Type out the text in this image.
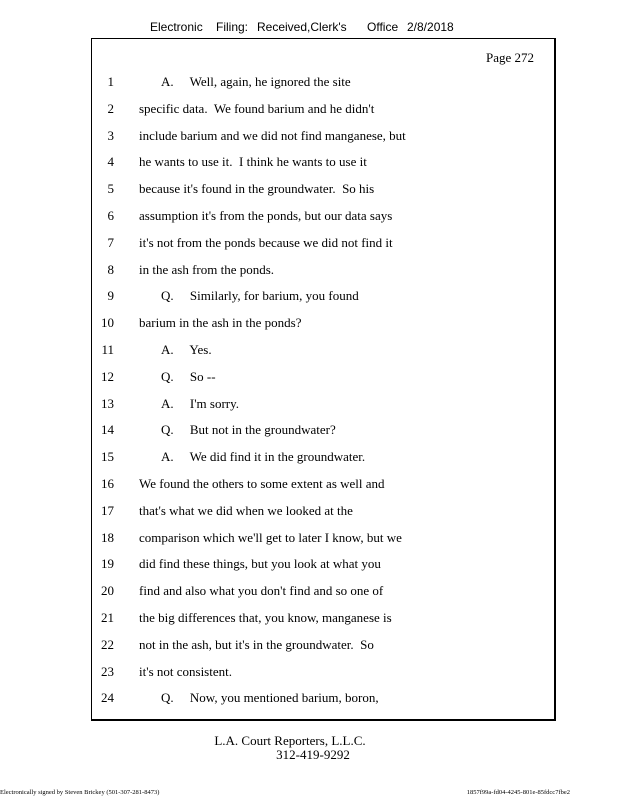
Electronic Filing: Received,Clerk's Office 2/8/2018
Page 272
1	A.     Well, again, he ignored the site
2 specific data.  We found barium and he didn't
3 include barium and we did not find manganese, but
4 he wants to use it.  I think he wants to use it
5 because it's found in the groundwater.  So his
6 assumption it's from the ponds, but our data says
7 it's not from the ponds because we did not find it
8 in the ash from the ponds.
9	Q.     Similarly, for barium, you found
10 barium in the ash in the ponds?
11	A.     Yes.
12	Q.     So --
13	A.     I'm sorry.
14	Q.     But not in the groundwater?
15	A.     We did find it in the groundwater.
16 We found the others to some extent as well and
17 that's what we did when we looked at the
18 comparison which we'll get to later I know, but we
19 did find these things, but you look at what you
20 find and also what you don't find and so one of
21 the big differences that, you know, manganese is
22 not in the ash, but it's in the groundwater.  So
23 it's not consistent.
24	Q.     Now, you mentioned barium, boron,
L.A. Court Reporters, L.L.C.
312-419-9292
Electronically signed by Steven Brickey (501-307-281-8473)	1857f99a-fd04-4245-801e-85fdcc7fbe2
